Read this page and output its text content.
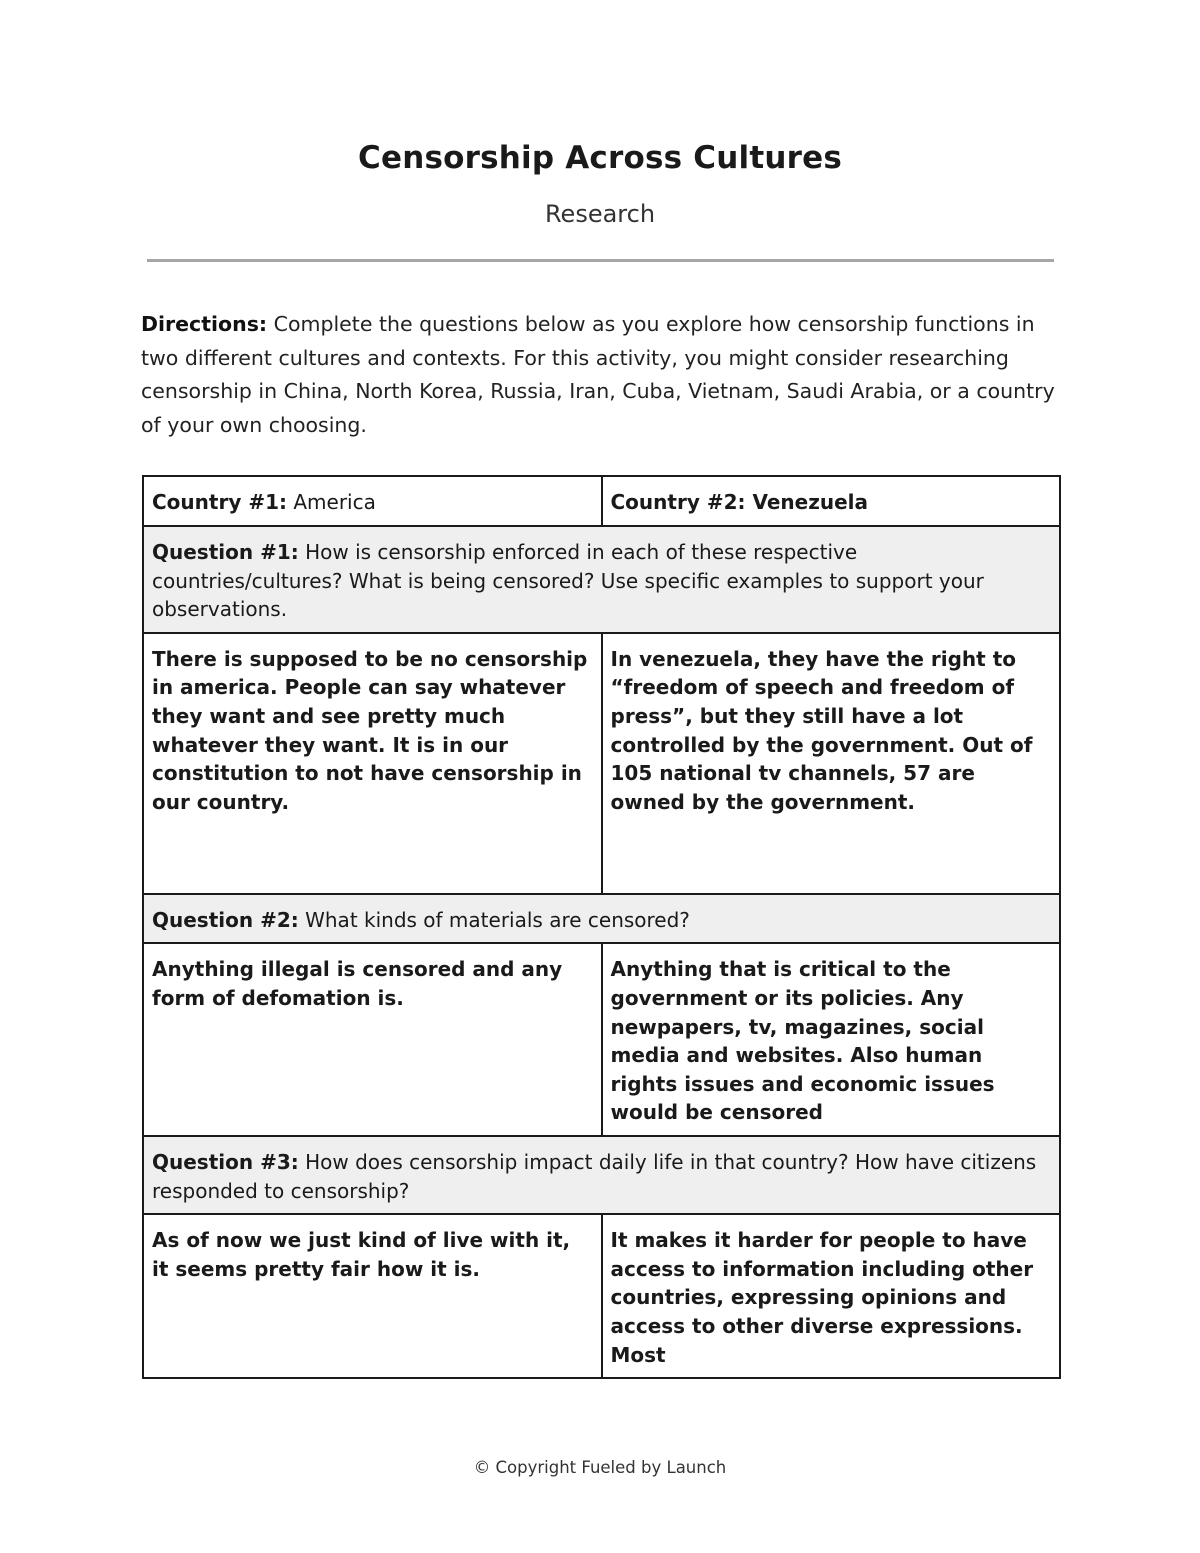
Censorship Across Cultures
Research
Directions: Complete the questions below as you explore how censorship functions in two different cultures and contexts. For this activity, you might consider researching censorship in China, North Korea, Russia, Iran, Cuba, Vietnam, Saudi Arabia, or a country of your own choosing.
Country #1: America	Country #2: Venezuela
Question #1: How is censorship enforced in each of these respective countries/cultures? What is being censored? Use specific examples to support your observations.	
There is supposed to be no censorship in america. People can say whatever they want and see pretty much whatever they want. It is in our constitution to not have censorship in our country.	In venezuela, they have the right to “freedom of speech and freedom of press”, but they still have a lot controlled by the government. Out of 105 national tv channels, 57 are owned by the government.
Question #2: What kinds of materials are censored?	
Anything illegal is censored and any form of defomation is.	Anything that is critical to the government or its policies. Any newpapers, tv, magazines, social media and websites. Also human rights issues and economic issues would be censored
Question #3: How does censorship impact daily life in that country? How have citizens responded to censorship?	
As of now we just kind of live with it, it seems pretty fair how it is.	It makes it harder for people to have access to information including other countries, expressing opinions and access to other diverse expressions. Most
© Copyright Fueled by Launch
